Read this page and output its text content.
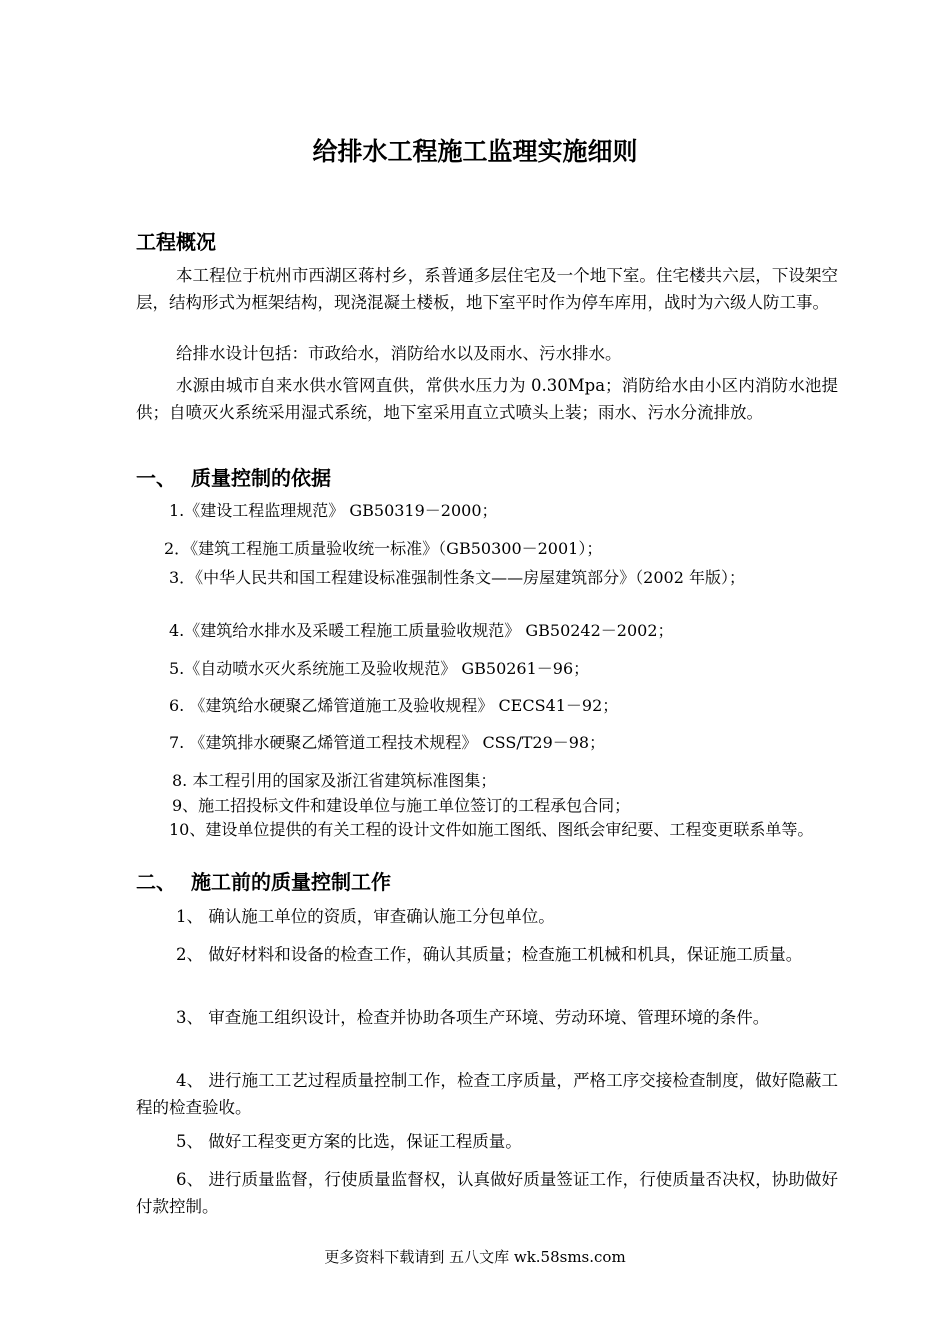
给排水工程施工监理实施细则
工程概况
本工程位于杭州市西湖区蒋村乡，系普通多层住宅及一个地下室。住宅楼共六层，下设架空层，结构形式为框架结构，现浇混凝土楼板，地下室平时作为停车库用，战时为六级人防工事。
给排水设计包括：市政给水，消防给水以及雨水、污水排水。
水源由城市自来水供水管网直供，常供水压力为 0.30Mpa；消防给水由小区内消防水池提供；自喷灭火系统采用湿式系统，地下室采用直立式喷头上装；雨水、污水分流排放。
一、 质量控制的依据
1.《建设工程监理规范》 GB50319－2000；
2．《建筑工程施工质量验收统一标准》（GB50300－2001）；
3．《中华人民共和国工程建设标准强制性条文——房屋建筑部分》（2002 年版）；
4.《建筑给水排水及采暖工程施工质量验收规范》 GB50242－2002；
5.《自动喷水灭火系统施工及验收规范》 GB50261－96；
6. 《建筑给水硬聚乙烯管道施工及验收规程》 CECS41－92；
7. 《建筑排水硬聚乙烯管道工程技术规程》 CSS/T29－98；
8. 本工程引用的国家及浙江省建筑标准图集；
9、施工招投标文件和建设单位与施工单位签订的工程承包合同；
10、建设单位提供的有关工程的设计文件如施工图纸、图纸会审纪要、工程变更联系单等。
二、 施工前的质量控制工作
1、 确认施工单位的资质，审查确认施工分包单位。
2、 做好材料和设备的检查工作，确认其质量；检查施工机械和机具，保证施工质量。
3、 审查施工组织设计，检查并协助各项生产环境、劳动环境、管理环境的条件。
4、 进行施工工艺过程质量控制工作，检查工序质量，严格工序交接检查制度，做好隐蔽工程的检查验收。
5、 做好工程变更方案的比选，保证工程质量。
6、 进行质量监督，行使质量监督权，认真做好质量签证工作，行使质量否决权，协助做好付款控制。
更多资料下载请到 五八文库 wk.58sms.com
